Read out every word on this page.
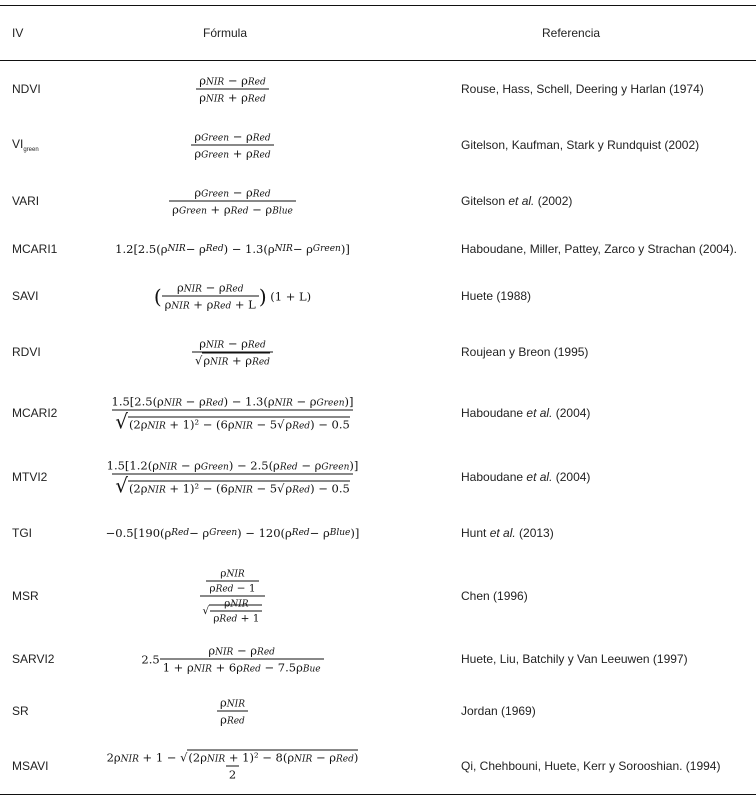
IV	Fórmula	Referencia
NDVI	$\frac{\text{ρNIR − ρRed}}{\text{ρNIR + ρRed}}$	Rouse, Hass, Schell, Deering y Harlan (1974)
$VI_{green}$	$\frac{\text{ρGreen − ρRed}}{\text{ρGreen + ρRed}}$	Gitelson, Kaufman, Stark y Rundquist (2002)
VARI	$\frac{\text{ρGreen − ρRed}}{\text{ρGreen + ρRed − ρBlue}}$	Gitelson et al. (2002)
MCARI1	1.2[2.5(ρ NIR − ρ Red ) − 1.3(ρ NIR − ρ Green )]	Haboudane, Miller, Pattey, Zarco y Strachan (2004).
SAVI	( $\frac{\text{ρNIR − ρRed}}{\text{ρNIR + ρRed + L}}$ ) (1 + L)	Huete (1988)
RDVI	$\frac{\text{ρNIR − ρRed}}{\text{√ρNIR + ρRed}}$	Roujean y Breon (1995)
MCARI2	$\frac{\text{1.5[2.5(ρNIR − ρRed) − 1.3(ρNIR − ρGreen)]}}{\text{√(2ρNIR + 1)² − (6ρNIR − 5√ρRed) − 0.5}}$	Haboudane et al. (2004)
MTVI2	$\frac{\text{1.5[1.2(ρNIR − ρGreen) − 2.5(ρRed − ρGreen)]}}{\text{√(2ρNIR + 1)² − (6ρNIR − 5√ρRed) − 0.5}}$	Haboudane et al. (2004)
TGI	−0.5[190(ρ Red − ρ Green ) − 120(ρ Red − ρ Blue )]	Hunt et al. (2013)
MSR	$\frac{\frac{\text{ρNIR}}{\text{ρRed − 1}}}{√ \frac{\text{ρNIR}}{\text{ρRed + 1}}}$	Chen (1996)
SARVI2	$2.5 \frac{\text{ρNIR − ρRed}}{\text{1 + ρNIR + 6ρRed − 7.5ρBue}}$	Huete, Liu, Batchily y Van Leeuwen (1997)
SR	$\frac{\text{ρNIR}}{\text{ρRed}}$	Jordan (1969)
MSAVI	$\frac{\text{2ρNIR + 1 − √(2ρNIR + 1)² − 8(ρNIR − ρRed)}}{2}$	Qi, Chehbouni, Huete, Kerr y Sorooshian. (1994)
